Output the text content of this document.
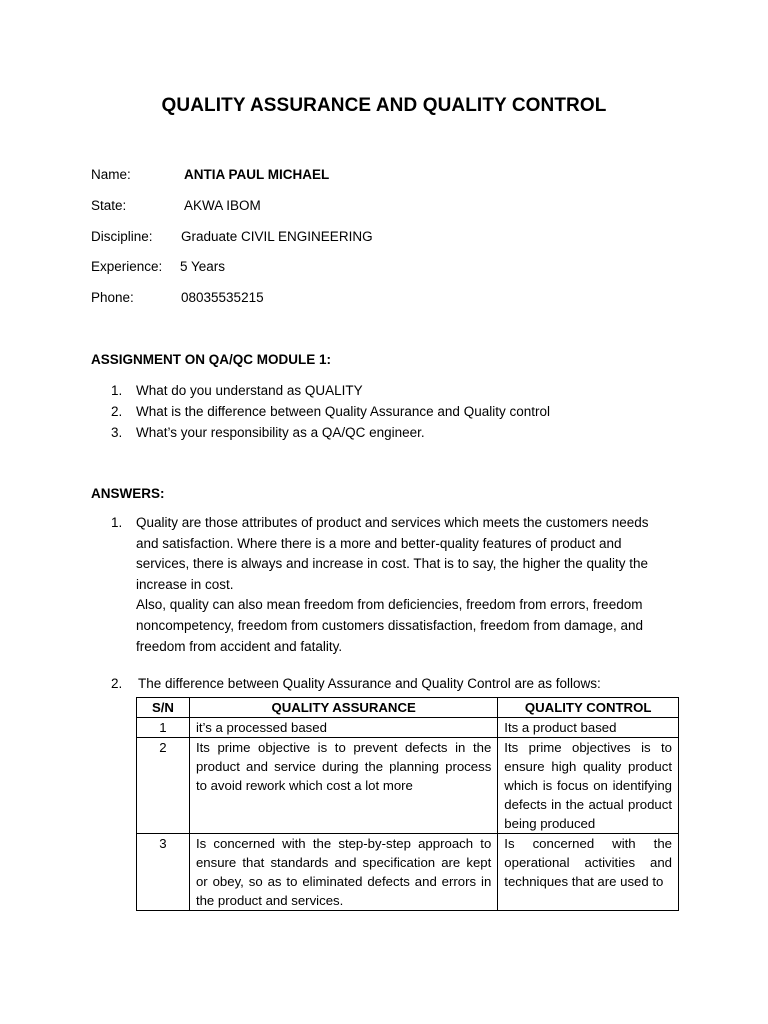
QUALITY ASSURANCE AND QUALITY CONTROL
Name:	ANTIA PAUL MICHAEL
State:	AKWA IBOM
Discipline: Graduate CIVIL ENGINEERING
Experience: 5 Years
Phone:	08035535215
ASSIGNMENT ON QA/QC MODULE 1:
1. What do you understand as QUALITY
2. What is the difference between Quality Assurance and Quality control
3. What’s your responsibility as a QA/QC engineer.
ANSWERS:
1. Quality are those attributes of product and services which meets the customers needs and satisfaction. Where there is a more and better-quality features of product and services, there is always and increase in cost. That is to say, the higher the quality the increase in cost.

Also, quality can also mean freedom from deficiencies, freedom from errors, freedom noncompetency, freedom from customers dissatisfaction, freedom from damage, and freedom from accident and fatality.

2. The difference between Quality Assurance and Quality Control are as follows:
S/N	QUALITY ASSURANCE	QUALITY CONTROL
1	it’s a processed based	Its a product based
2	Its prime objective is to prevent defects in the product and service during the planning process to avoid rework which cost a lot more	Its prime objectives is to ensure high quality product which is focus on identifying defects in the actual product being produced
3	Is concerned with the step-by-step approach to ensure that standards and specification are kept or obey, so as to eliminated defects and errors in the product and services.	Is concerned with the operational activities and techniques that are used to
